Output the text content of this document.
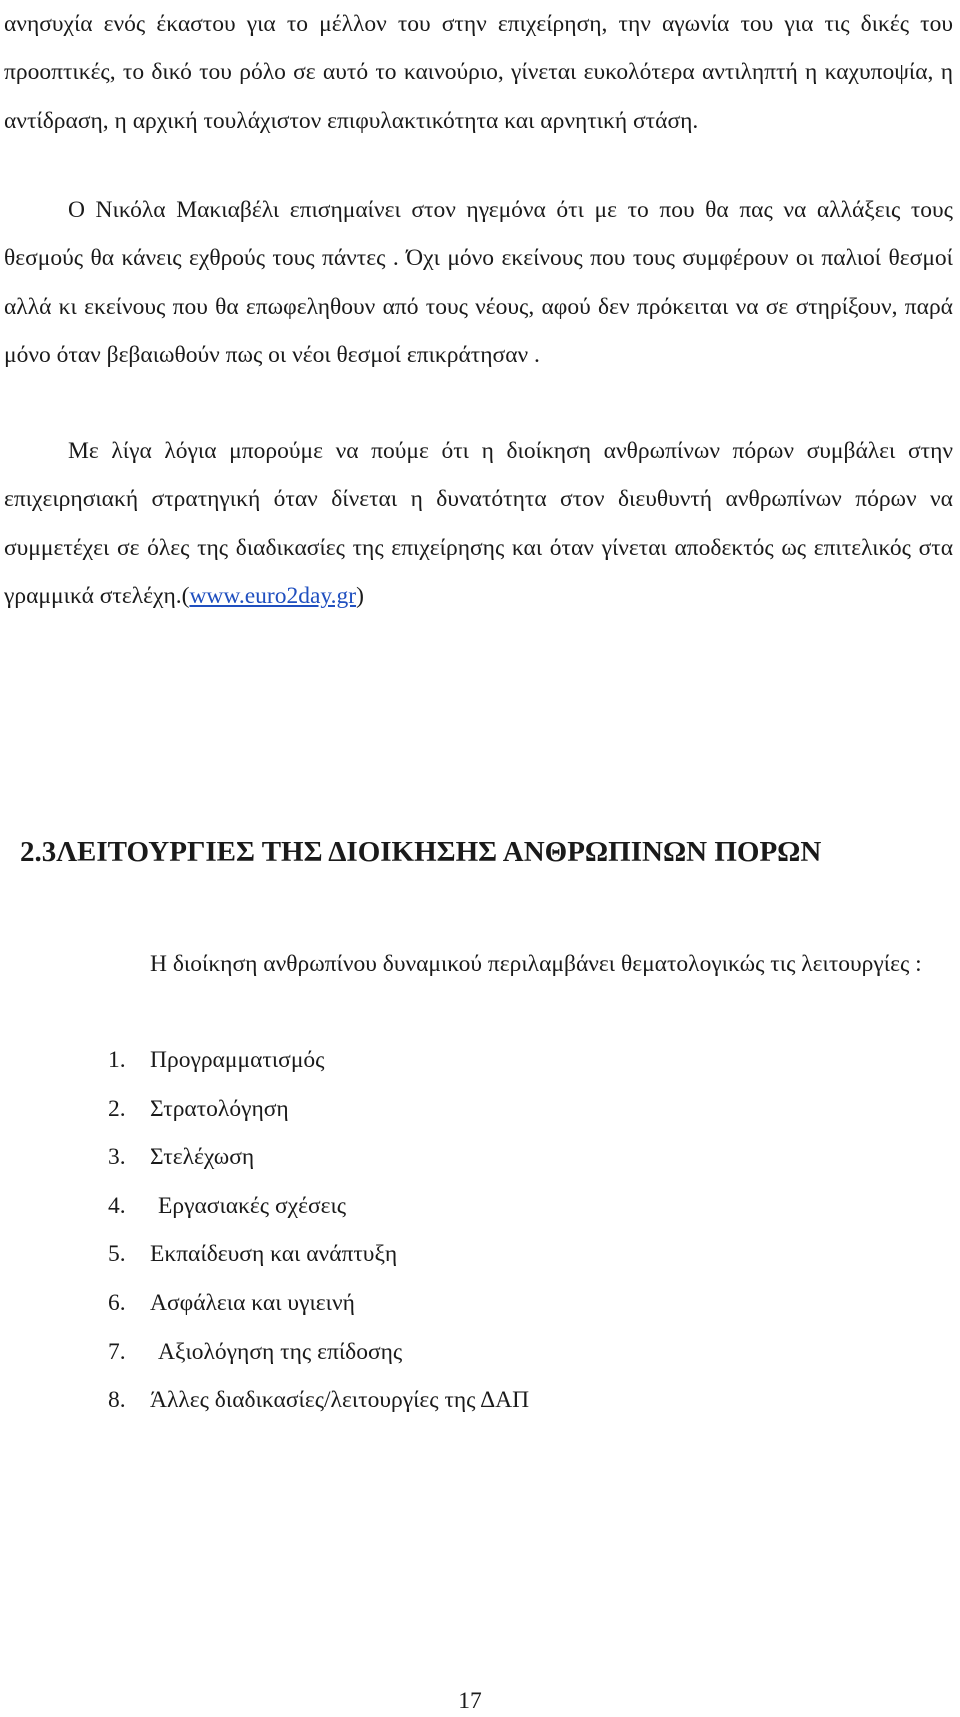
ανησυχία ενός έκαστου για το μέλλον του στην επιχείρηση, την αγωνία του για τις δικές του προοπτικές, το δικό του ρόλο σε αυτό το καινούριο, γίνεται ευκολότερα αντιληπτή η καχυποψία, η αντίδραση, η αρχική τουλάχιστον επιφυλακτικότητα και αρνητική στάση.

Ο Νικόλα Μακιαβέλι επισημαίνει στον ηγεμόνα ότι με το που θα πας να αλλάξεις τους θεσμούς θα κάνεις εχθρούς τους πάντες . Όχι μόνο εκείνους που τους συμφέρουν οι παλιοί θεσμοί αλλά κι εκείνους που θα επωφεληθουν από τους νέους, αφού δεν πρόκειται να σε στηρίξουν, παρά μόνο όταν βεβαιωθούν πως οι νέοι θεσμοί επικράτησαν .

Με λίγα λόγια μπορούμε να πούμε ότι η διοίκηση ανθρωπίνων πόρων συμβάλει στην επιχειρησιακή στρατηγική όταν δίνεται η δυνατότητα στον διευθυντή ανθρωπίνων πόρων να συμμετέχει σε όλες της διαδικασίες της επιχείρησης και όταν γίνεται αποδεκτός ως επιτελικός στα γραμμικά στελέχη.(www.euro2day.gr)

2.3ΛΕΙΤΟΥΡΓΙΕΣ ΤΗΣ ΔΙΟΙΚΗΣΗΣ ΑΝΘΡΩΠΙΝΩΝ ΠΟΡΩΝ

Η διοίκηση ανθρωπίνου δυναμικού περιλαμβάνει θεματολογικώς τις λειτουργίες :

1. Προγραμματισμός
2. Στρατολόγηση
3. Στελέχωση
4. Εργασιακές σχέσεις
5. Εκπαίδευση και ανάπτυξη
6. Ασφάλεια και υγιεινή
7. Αξιολόγηση της επίδοσης
8. Άλλες διαδικασίες/λειτουργίες της ΔΑΠ
17
